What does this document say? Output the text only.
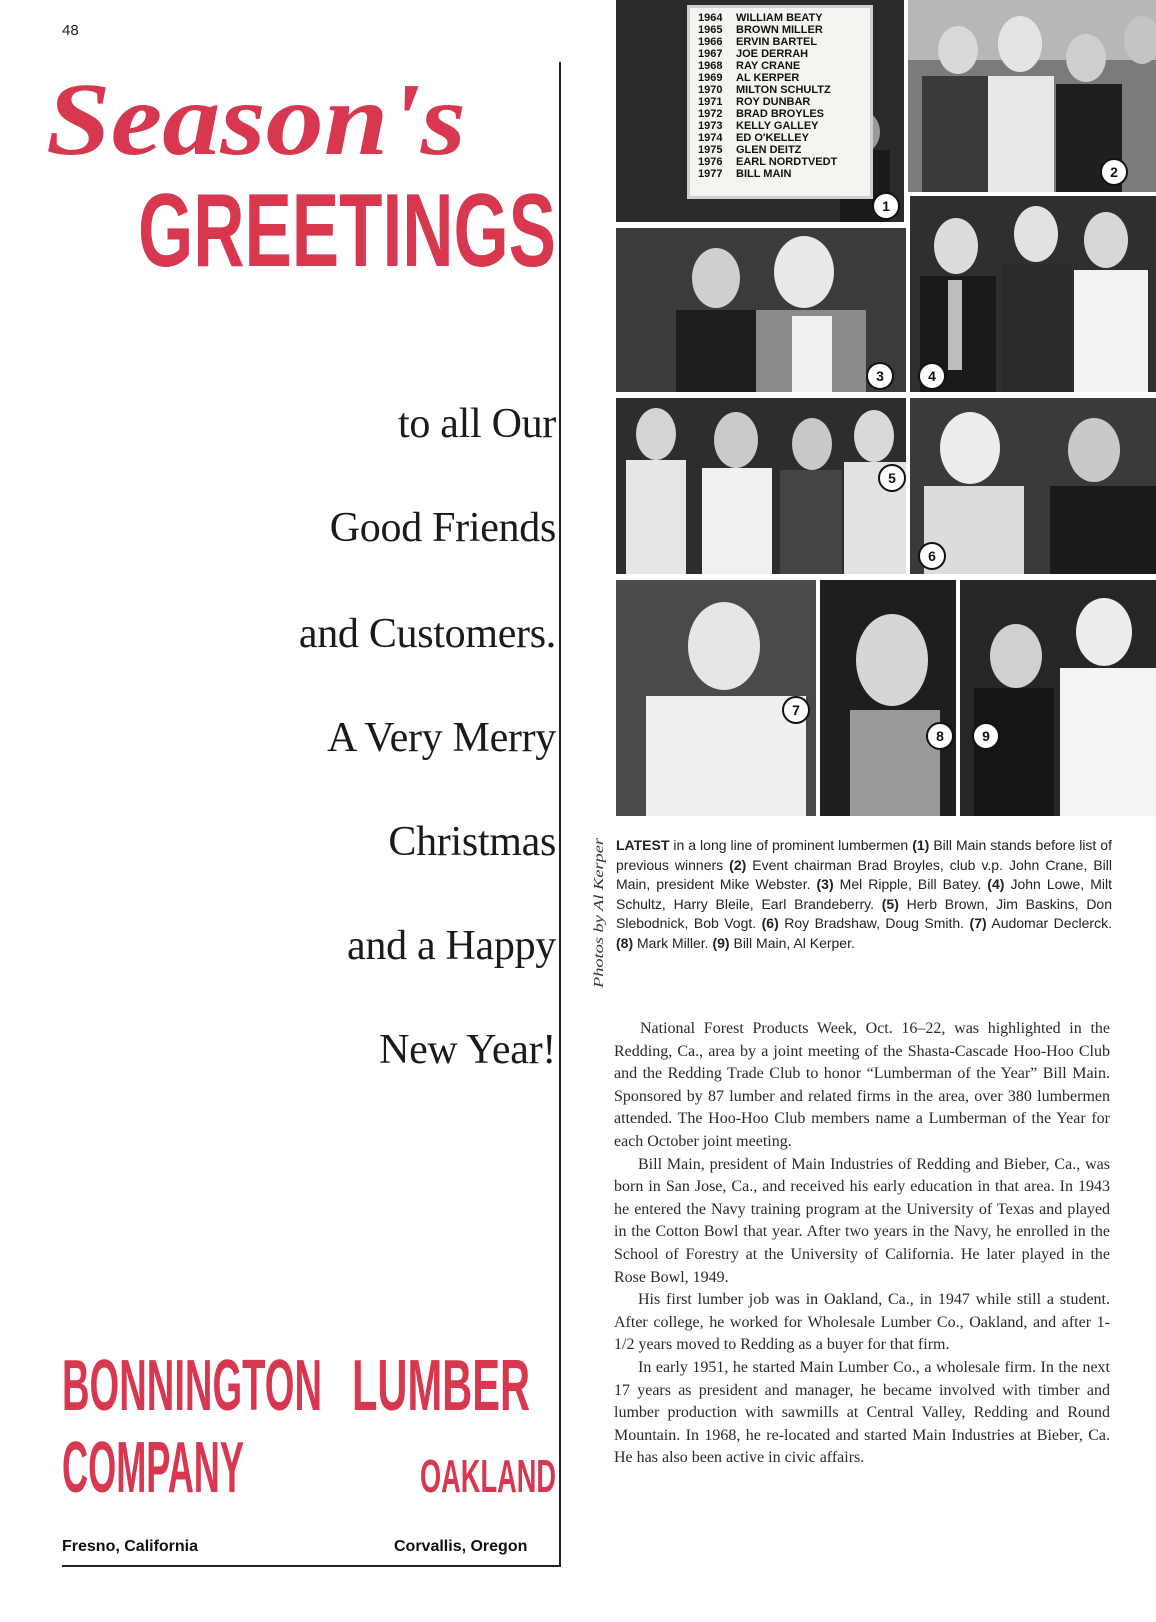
48
Season's
GREETINGS
to all Our
Good Friends
and Customers.
A Very Merry
Christmas
and a Happy
New Year!
BONNINGTON LUMBER
COMPANY	OAKLAND
Fresno, California	Corvallis, Oregon
1964	WILLIAM BEATY
1965	BROWN MILLER
1966	ERVIN BARTEL
1967	JOE DERRAH
1968	RAY CRANE
1969	AL KERPER
1970	MILTON SCHULTZ
1971	ROY DUNBAR
1972	BRAD BROYLES
1973	KELLY GALLEY
1974	ED O'KELLEY
1975	GLEN DEITZ
1976	EARL NORDTVEDT
1977	BILL MAIN
1
2
3	4
5
6
7
8	9
Photos by Al Kerper
LATEST in a long line of prominent lumbermen (1) Bill Main stands before list of previous winners (2) Event chairman Brad Broyles, club v.p. John Crane, Bill Main, president Mike Webster. (3) Mel Ripple, Bill Batey. (4) John Lowe, Milt Schultz, Harry Bleile, Earl Brandeberry. (5) Herb Brown, Jim Baskins, Don Slebodnick, Bob Vogt. (6) Roy Bradshaw, Doug Smith. (7) Audomar Declerck. (8) Mark Miller. (9) Bill Main, Al Kerper.

National Forest Products Week, Oct. 16–22, was highlighted in the Redding, Ca., area by a joint meeting of the Shasta-Cascade Hoo-Hoo Club and the Redding Trade Club to honor “Lumberman of the Year” Bill Main. Sponsored by 87 lumber and related firms in the area, over 380 lumbermen attended. The Hoo-Hoo Club members name a Lumberman of the Year for each October joint meeting.

Bill Main, president of Main Industries of Redding and Bieber, Ca., was born in San Jose, Ca., and received his early education in that area. In 1943 he entered the Navy training program at the University of Texas and played in the Cotton Bowl that year. After two years in the Navy, he enrolled in the School of Forestry at the University of California. He later played in the Rose Bowl, 1949.

His first lumber job was in Oakland, Ca., in 1947 while still a student. After college, he worked for Wholesale Lumber Co., Oakland, and after 1-1/2 years moved to Redding as a buyer for that firm.

In early 1951, he started Main Lumber Co., a wholesale firm. In the next 17 years as president and manager, he became involved with timber and lumber production with sawmills at Central Valley, Redding and Round Mountain. In 1968, he re-located and started Main Industries at Bieber, Ca. He has also been active in civic affairs.
